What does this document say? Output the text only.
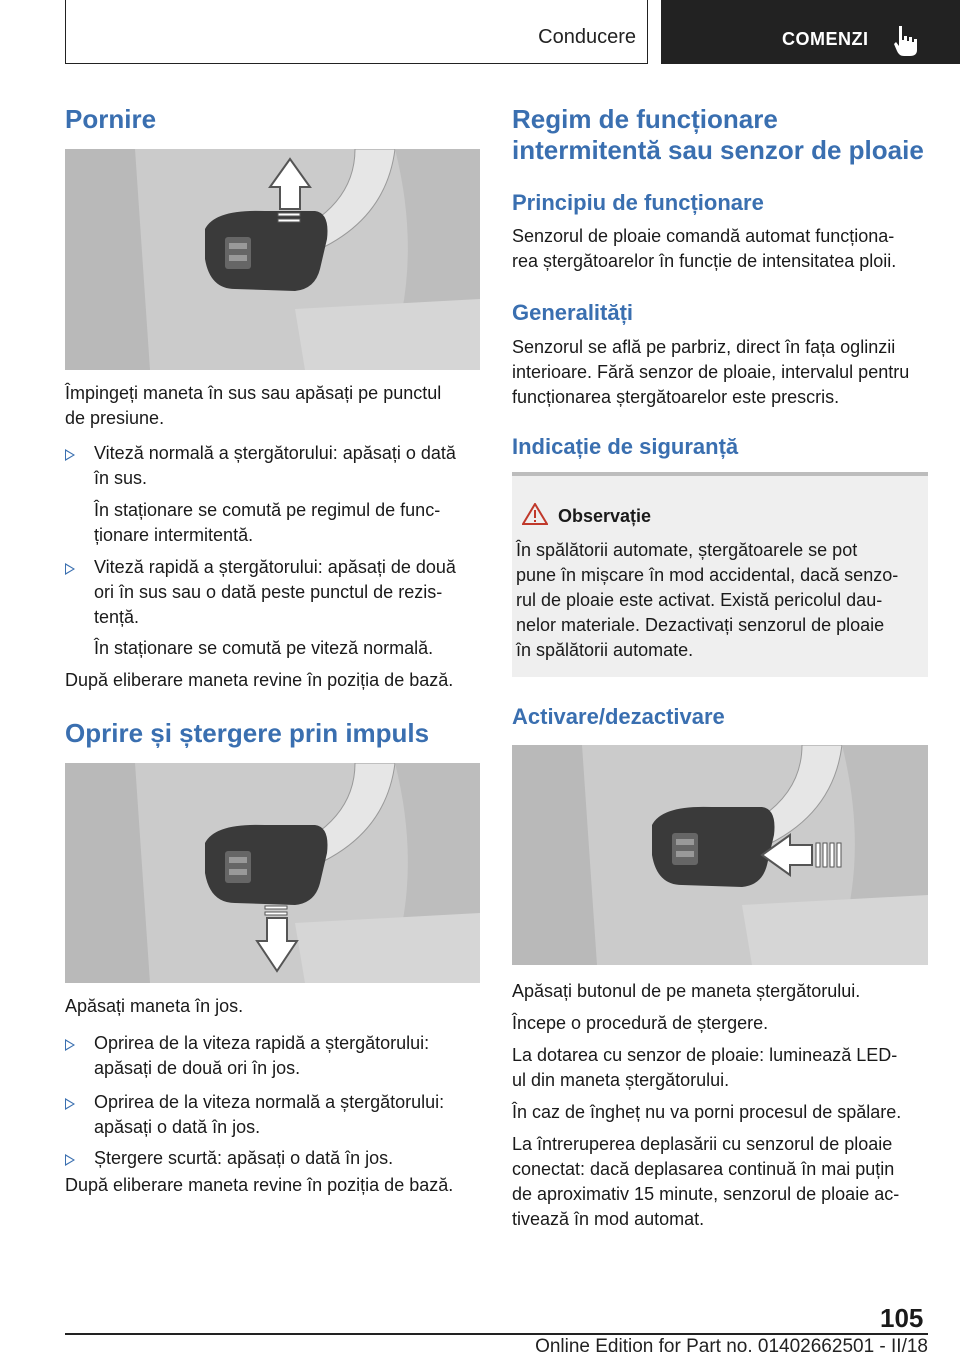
Conducere	COMENZI
Pornire

Împingeți maneta în sus sau apăsați pe punctul
de presiune.

Viteză normală a ștergătorului: apăsați o dată
în sus.
În staționare se comută pe regimul de func‐
ționare intermitentă.
Viteză rapidă a ștergătorului: apăsați de două
ori în sus sau o dată peste punctul de rezis‐
tență.
În staționare se comută pe viteză normală.

După eliberare maneta revine în poziția de bază.

Oprire și ștergere prin impuls

Apăsați maneta în jos.

Oprirea de la viteza rapidă a ștergătorului:
apăsați de două ori în jos.
Oprirea de la viteza normală a ștergătorului:
apăsați o dată în jos.
Ștergere scurtă: apăsați o dată în jos.

După eliberare maneta revine în poziția de bază.

Regim de funcționare
intermitentă sau senzor de ploaie
Principiu de funcționare

Senzorul de ploaie comandă automat funcționa‐
rea ștergătoarelor în funcție de intensitatea ploii.

Generalități

Senzorul se află pe parbriz, direct în fața oglinzii
interioare. Fără senzor de ploaie, intervalul pentru
funcționarea ștergătoarelor este prescris.

Indicație de siguranță
Observație
În spălătorii automate, ștergătoarele se pot
pune în mișcare în mod accidental, dacă senzo‐
rul de ploaie este activat. Există pericolul dau‐
nelor materiale. Dezactivați senzorul de ploaie
în spălătorii automate.
Activare/dezactivare

Apăsați butonul de pe maneta ștergătorului.

Începe o procedură de ștergere.

La dotarea cu senzor de ploaie: luminează LED-
ul din maneta ștergătorului.

În caz de îngheț nu va porni procesul de spălare.

La întreruperea deplasării cu senzorul de ploaie
conectat: dacă deplasarea continuă în mai puțin
de aproximativ 15 minute, senzorul de ploaie ac‐
tivează în mod automat.

105
Online Edition for Part no. 01402662501 - II/18
